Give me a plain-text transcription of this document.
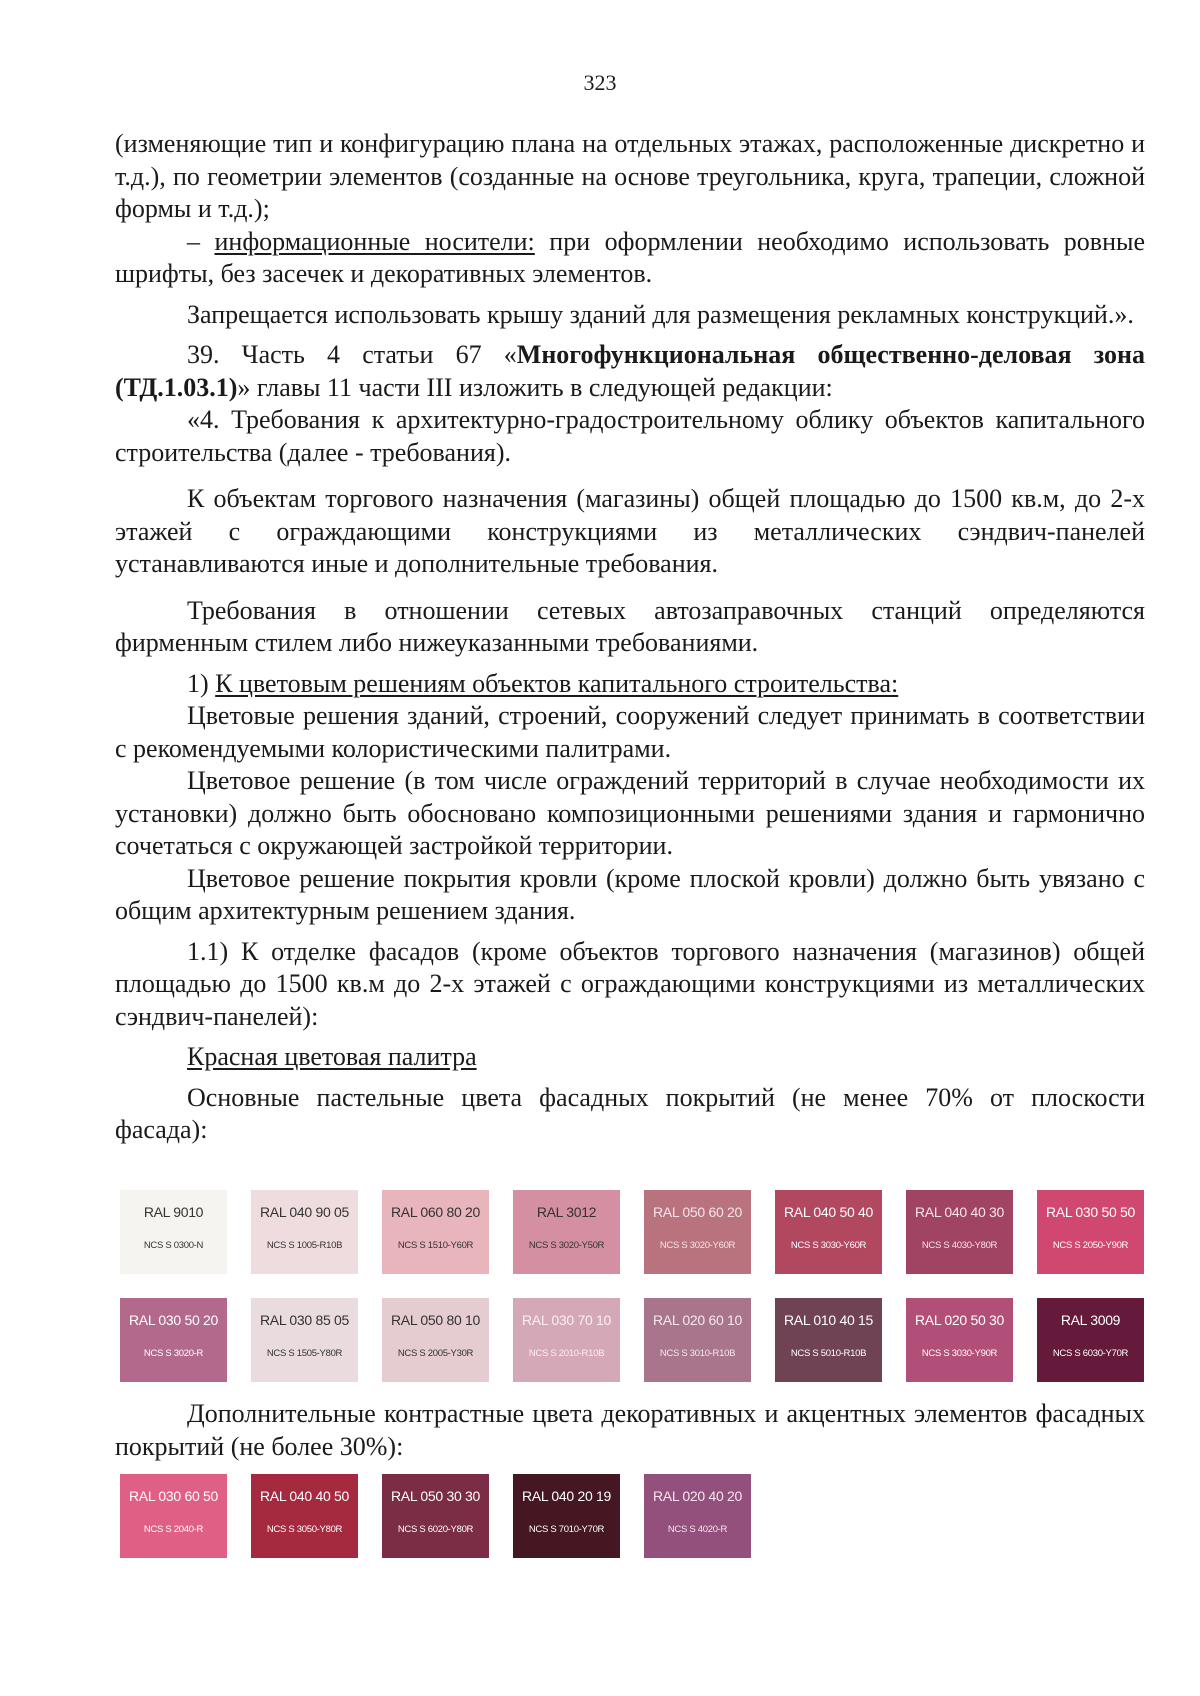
323

(изменяющие тип и конфигурацию плана на отдельных этажах, расположенные дискретно и т.д.), по геометрии элементов (созданные на основе треугольника, круга, трапеции, сложной формы и т.д.);

– информационные носители: при оформлении необходимо использовать ровные шрифты, без засечек и декоративных элементов.

Запрещается использовать крышу зданий для размещения рекламных конструкций.».

39. Часть 4 статьи 67 «Многофункциональная общественно-деловая зона (ТД.1.03.1)» главы 11 части III изложить в следующей редакции:

«4. Требования к архитектурно-градостроительному облику объектов капитального строительства (далее - требования).

К объектам торгового назначения (магазины) общей площадью до 1500 кв.м, до 2-х этажей с ограждающими конструкциями из металлических сэндвич-панелей устанавливаются иные и дополнительные требования.

Требования в отношении сетевых автозаправочных станций определяются фирменным стилем либо нижеуказанными требованиями.

1) К цветовым решениям объектов капитального строительства:

Цветовые решения зданий, строений, сооружений следует принимать в соответствии с рекомендуемыми колористическими палитрами.

Цветовое решение (в том числе ограждений территорий в случае необходимости их установки) должно быть обосновано композиционными решениями здания и гармонично сочетаться с окружающей застройкой территории.

Цветовое решение покрытия кровли (кроме плоской кровли) должно быть увязано с общим архитектурным решением здания.

1.1) К отделке фасадов (кроме объектов торгового назначения (магазинов) общей площадью до 1500 кв.м до 2-х этажей с ограждающими конструкциями из металлических сэндвич-панелей):

Красная цветовая палитра

Основные пастельные цвета фасадных покрытий (не менее 70% от плоскости фасада):

RAL 9010
NCS S 0300-N
RAL 040 90 05
NCS S 1005-R10B
RAL 060 80 20
NCS S 1510-Y60R
RAL 3012
NCS S 3020-Y50R
RAL 050 60 20
NCS S 3020-Y60R
RAL 040 50 40
NCS S 3030-Y60R
RAL 040 40 30
NCS S 4030-Y80R
RAL 030 50 50
NCS S 2050-Y90R
RAL 030 50 20
NCS S 3020-R
RAL 030 85 05
NCS S 1505-Y80R
RAL 050 80 10
NCS S 2005-Y30R
RAL 030 70 10
NCS S 2010-R10B
RAL 020 60 10
NCS S 3010-R10B
RAL 010 40 15
NCS S 5010-R10B
RAL 020 50 30
NCS S 3030-Y90R
RAL 3009
NCS S 6030-Y70R

Дополнительные контрастные цвета декоративных и акцентных элементов фасадных покрытий (не более 30%):

RAL 030 60 50
NCS S 2040-R
RAL 040 40 50
NCS S 3050-Y80R
RAL 050 30 30
NCS S 6020-Y80R
RAL 040 20 19
NCS S 7010-Y70R
RAL 020 40 20
NCS S 4020-R
